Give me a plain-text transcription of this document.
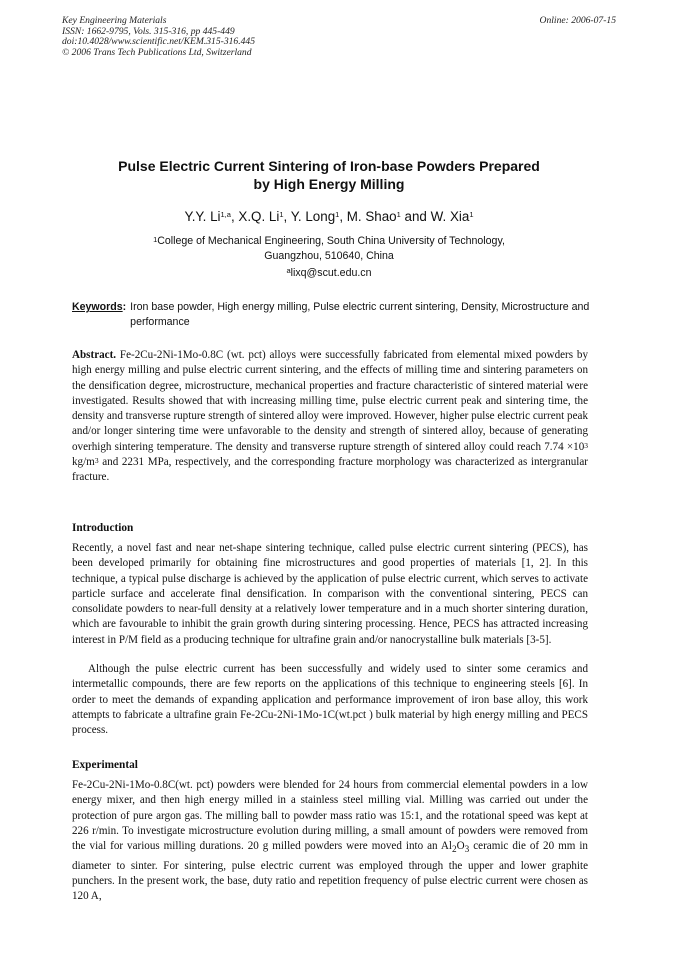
Key Engineering Materials
ISSN: 1662-9795, Vols. 315-316, pp 445-449
doi:10.4028/www.scientific.net/KEM.315-316.445
© 2006 Trans Tech Publications Ltd, Switzerland
Online: 2006-07-15
Pulse Electric Current Sintering of Iron-base Powders Prepared
by High Energy Milling
Y.Y. Li$^{1,a}$, X.Q. Li$^1$, Y. Long$^1$, M. Shao$^1$ and W. Xia$^1$
$^1$College of Mechanical Engineering, South China University of Technology,
Guangzhou, 510640, China
$^a$lixq@scut.edu.cn
Keywords : Iron base powder, High energy milling, Pulse electric current sintering, Density, Microstructure and performance

Abstract. Fe-2Cu-2Ni-1Mo-0.8C (wt. pct) alloys were successfully fabricated from elemental mixed powders by high energy milling and pulse electric current sintering, and the effects of milling time and sintering parameters on the densification degree, microstructure, mechanical properties and fracture characteristic of sintered material were investigated. Results showed that with increasing milling time, pulse electric current peak and sintering time, the density and transverse rupture strength of sintered alloy were improved. However, higher pulse electric current peak and/or longer sintering time were unfavorable to the density and strength of sintered alloy, because of generating overhigh sintering temperature. The density and transverse rupture strength of sintered alloy could reach $7.74 \times 10^3$ $kg/m^3$ and 2231 MPa, respectively, and the corresponding fracture morphology was characterized as intergranular fracture.

Introduction

Recently, a novel fast and near net-shape sintering technique, called pulse electric current sintering (PECS), has been developed primarily for obtaining fine microstructures and good properties of materials [1, 2]. In this technique, a typical pulse discharge is achieved by the application of pulse electric current, which serves to activate particle surface and accelerate final densification. In comparison with the conventional sintering, PECS can consolidate powders to near-full density at a relatively lower temperature and in a much shorter sintering duration, which are favourable to inhibit the grain growth during sintering processing. Hence, PECS has attracted increasing interest in P/M field as a producing technique for ultrafine grain and/or nanocrystalline bulk materials [3-5].

Although the pulse electric current has been successfully and widely used to sinter some ceramics and intermetallic compounds, there are few reports on the applications of this technique to engineering steels [6]. In order to meet the demands of expanding application and performance improvement of iron base alloy, this work attempts to fabricate a ultrafine grain Fe-2Cu-2Ni-1Mo-1C(wt.pct ) bulk material by high energy milling and PECS process.

Experimental

Fe-2Cu-2Ni-1Mo-0.8C(wt. pct) powders were blended for 24 hours from commercial elemental powders in a low energy mixer, and then high energy milled in a stainless steel milling vial. Milling was carried out under the protection of pure argon gas. The milling ball to powder mass ratio was 15:1, and the rotational speed was kept at 226 r/min. To investigate microstructure evolution during milling, a small amount of powders were removed from the vial for various milling durations. 20 g milled powders were moved into an $Al_2O_3$ ceramic die of 20 mm in diameter to sinter. For sintering, pulse electric current was employed through the upper and lower graphite punchers. In the present work, the base, duty ratio and repetition frequency of pulse electric current were chosen as 120 A,
